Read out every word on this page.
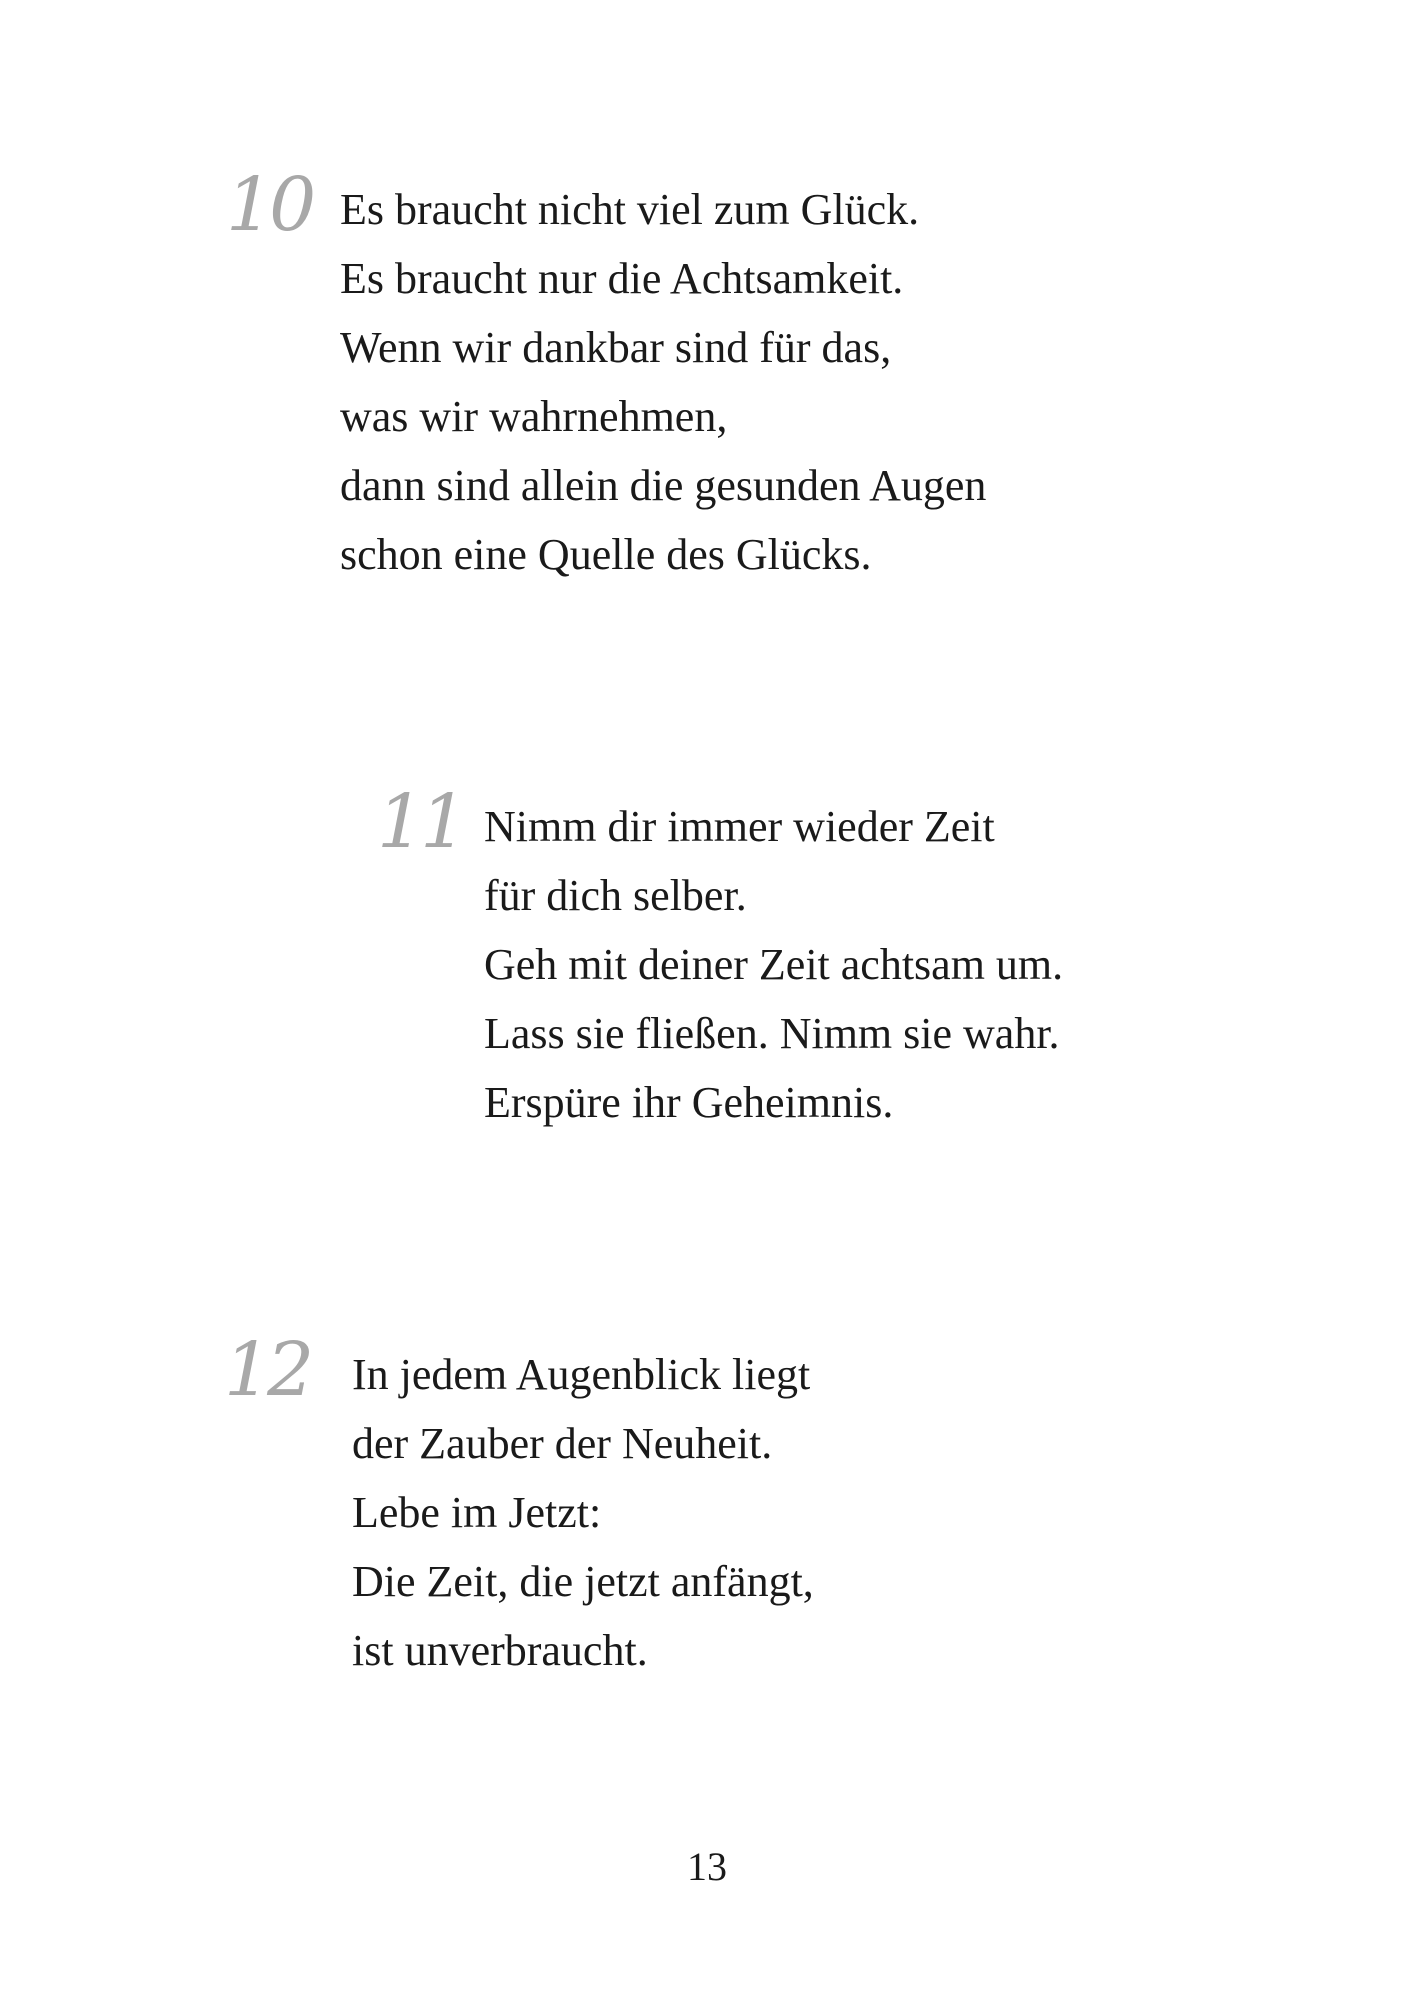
10 Es braucht nicht viel zum Glück.
Es braucht nur die Achtsamkeit.
Wenn wir dankbar sind für das,
was wir wahrnehmen,
dann sind allein die gesunden Augen
schon eine Quelle des Glücks.
11 Nimm dir immer wieder Zeit
für dich selber.
Geh mit deiner Zeit achtsam um.
Lass sie fließen. Nimm sie wahr.
Erspüre ihr Geheimnis.
12 In jedem Augenblick liegt
der Zauber der Neuheit.
Lebe im Jetzt:
Die Zeit, die jetzt anfängt,
ist unverbraucht.
13
